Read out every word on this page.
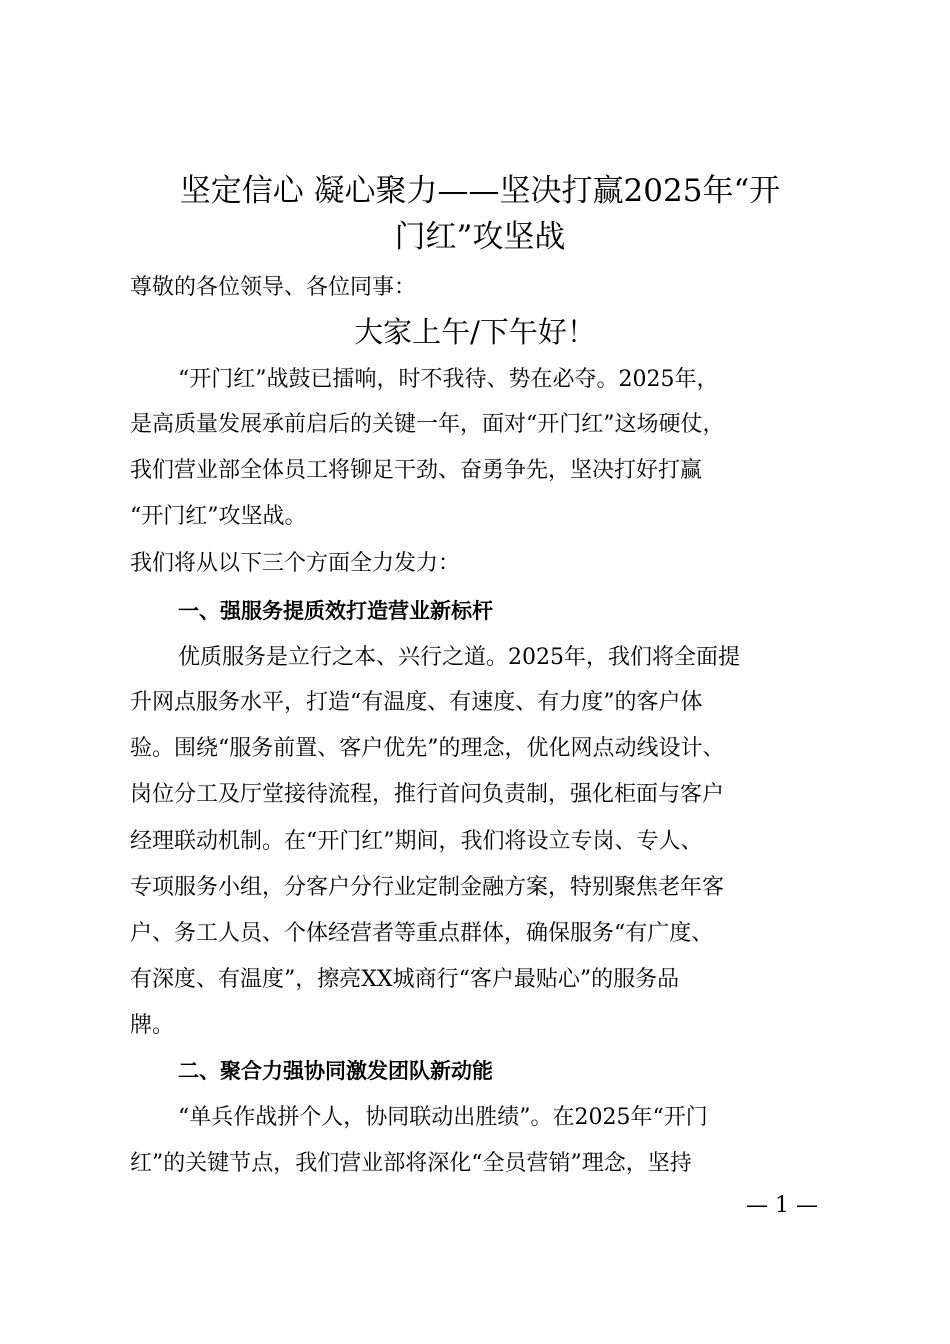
坚定信心 凝心聚力——坚决打赢2025年“开
门红”攻坚战

尊敬的各位领导、各位同事：

大家上午/下午好！

“开门红”战鼓已擂响，时不我待、势在必夺。2025年，

是高质量发展承前启后的关键一年，面对“开门红”这场硬仗，

我们营业部全体员工将铆足干劲、奋勇争先，坚决打好打赢

“开门红”攻坚战。

我们将从以下三个方面全力发力：

一、强服务提质效打造营业新标杆

优质服务是立行之本、兴行之道。2025年，我们将全面提

升网点服务水平，打造“有温度、有速度、有力度”的客户体

验。围绕“服务前置、客户优先”的理念，优化网点动线设计、

岗位分工及厅堂接待流程，推行首问负责制，强化柜面与客户

经理联动机制。在“开门红”期间，我们将设立专岗、专人、

专项服务小组，分客户分行业定制金融方案，特别聚焦老年客

户、务工人员、个体经营者等重点群体，确保服务“有广度、

有深度、有温度”，擦亮XX城商行“客户最贴心”的服务品

牌。

二、聚合力强协同激发团队新动能

“单兵作战拼个人，协同联动出胜绩”。在2025年“开门

红”的关键节点，我们营业部将深化“全员营销”理念，坚持

— 1 —
